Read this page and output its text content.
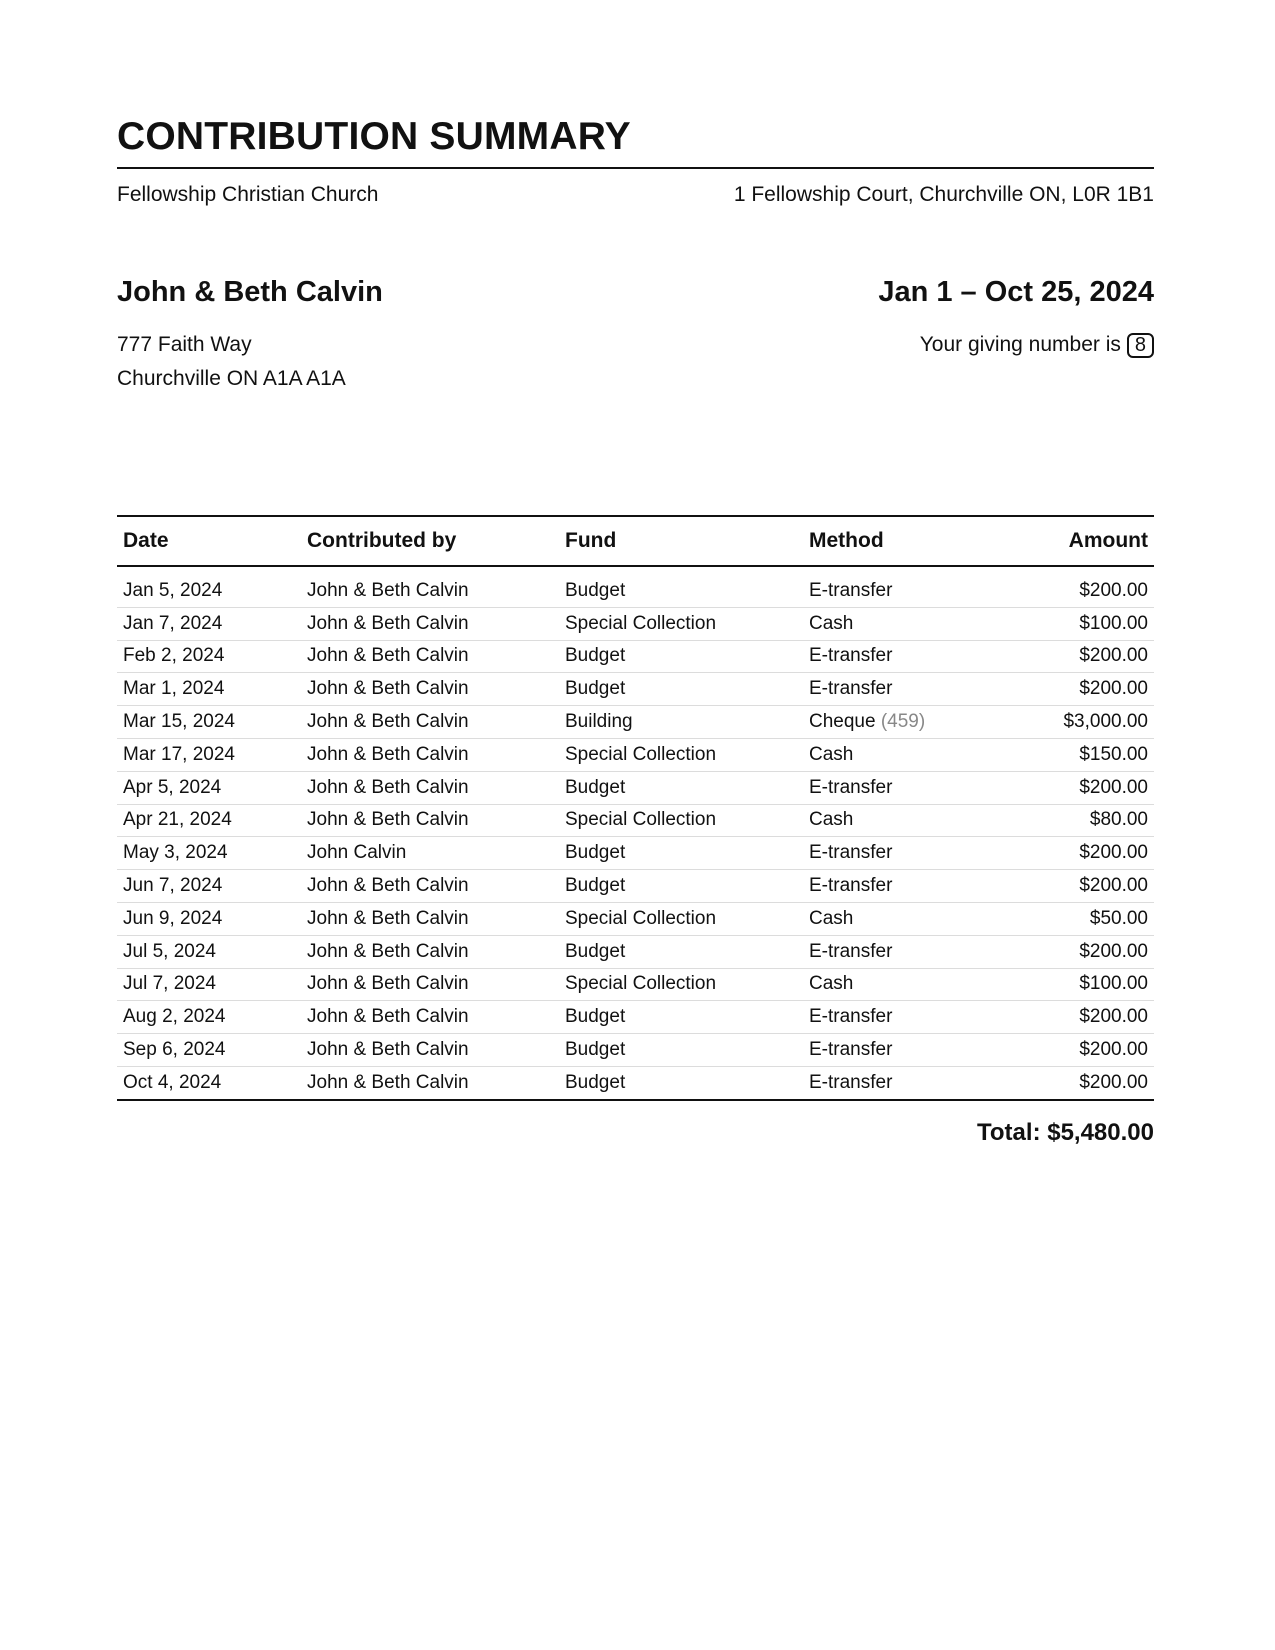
CONTRIBUTION SUMMARY
Fellowship Christian Church	1 Fellowship Court, Churchville ON, L0R 1B1
John & Beth Calvin	Jan 1 – Oct 25, 2024
777 Faith Way
Churchville ON A1A A1A
Your giving number is 8
Date	Contributed by	Fund	Method	Amount
Jan 5, 2024	John & Beth Calvin	Budget	E-transfer	$200.00
Jan 7, 2024	John & Beth Calvin	Special Collection	Cash	$100.00
Feb 2, 2024	John & Beth Calvin	Budget	E-transfer	$200.00
Mar 1, 2024	John & Beth Calvin	Budget	E-transfer	$200.00
Mar 15, 2024	John & Beth Calvin	Building	Cheque (459)	$3,000.00
Mar 17, 2024	John & Beth Calvin	Special Collection	Cash	$150.00
Apr 5, 2024	John & Beth Calvin	Budget	E-transfer	$200.00
Apr 21, 2024	John & Beth Calvin	Special Collection	Cash	$80.00
May 3, 2024	John Calvin	Budget	E-transfer	$200.00
Jun 7, 2024	John & Beth Calvin	Budget	E-transfer	$200.00
Jun 9, 2024	John & Beth Calvin	Special Collection	Cash	$50.00
Jul 5, 2024	John & Beth Calvin	Budget	E-transfer	$200.00
Jul 7, 2024	John & Beth Calvin	Special Collection	Cash	$100.00
Aug 2, 2024	John & Beth Calvin	Budget	E-transfer	$200.00
Sep 6, 2024	John & Beth Calvin	Budget	E-transfer	$200.00
Oct 4, 2024	John & Beth Calvin	Budget	E-transfer	$200.00
Total: $5,480.00
